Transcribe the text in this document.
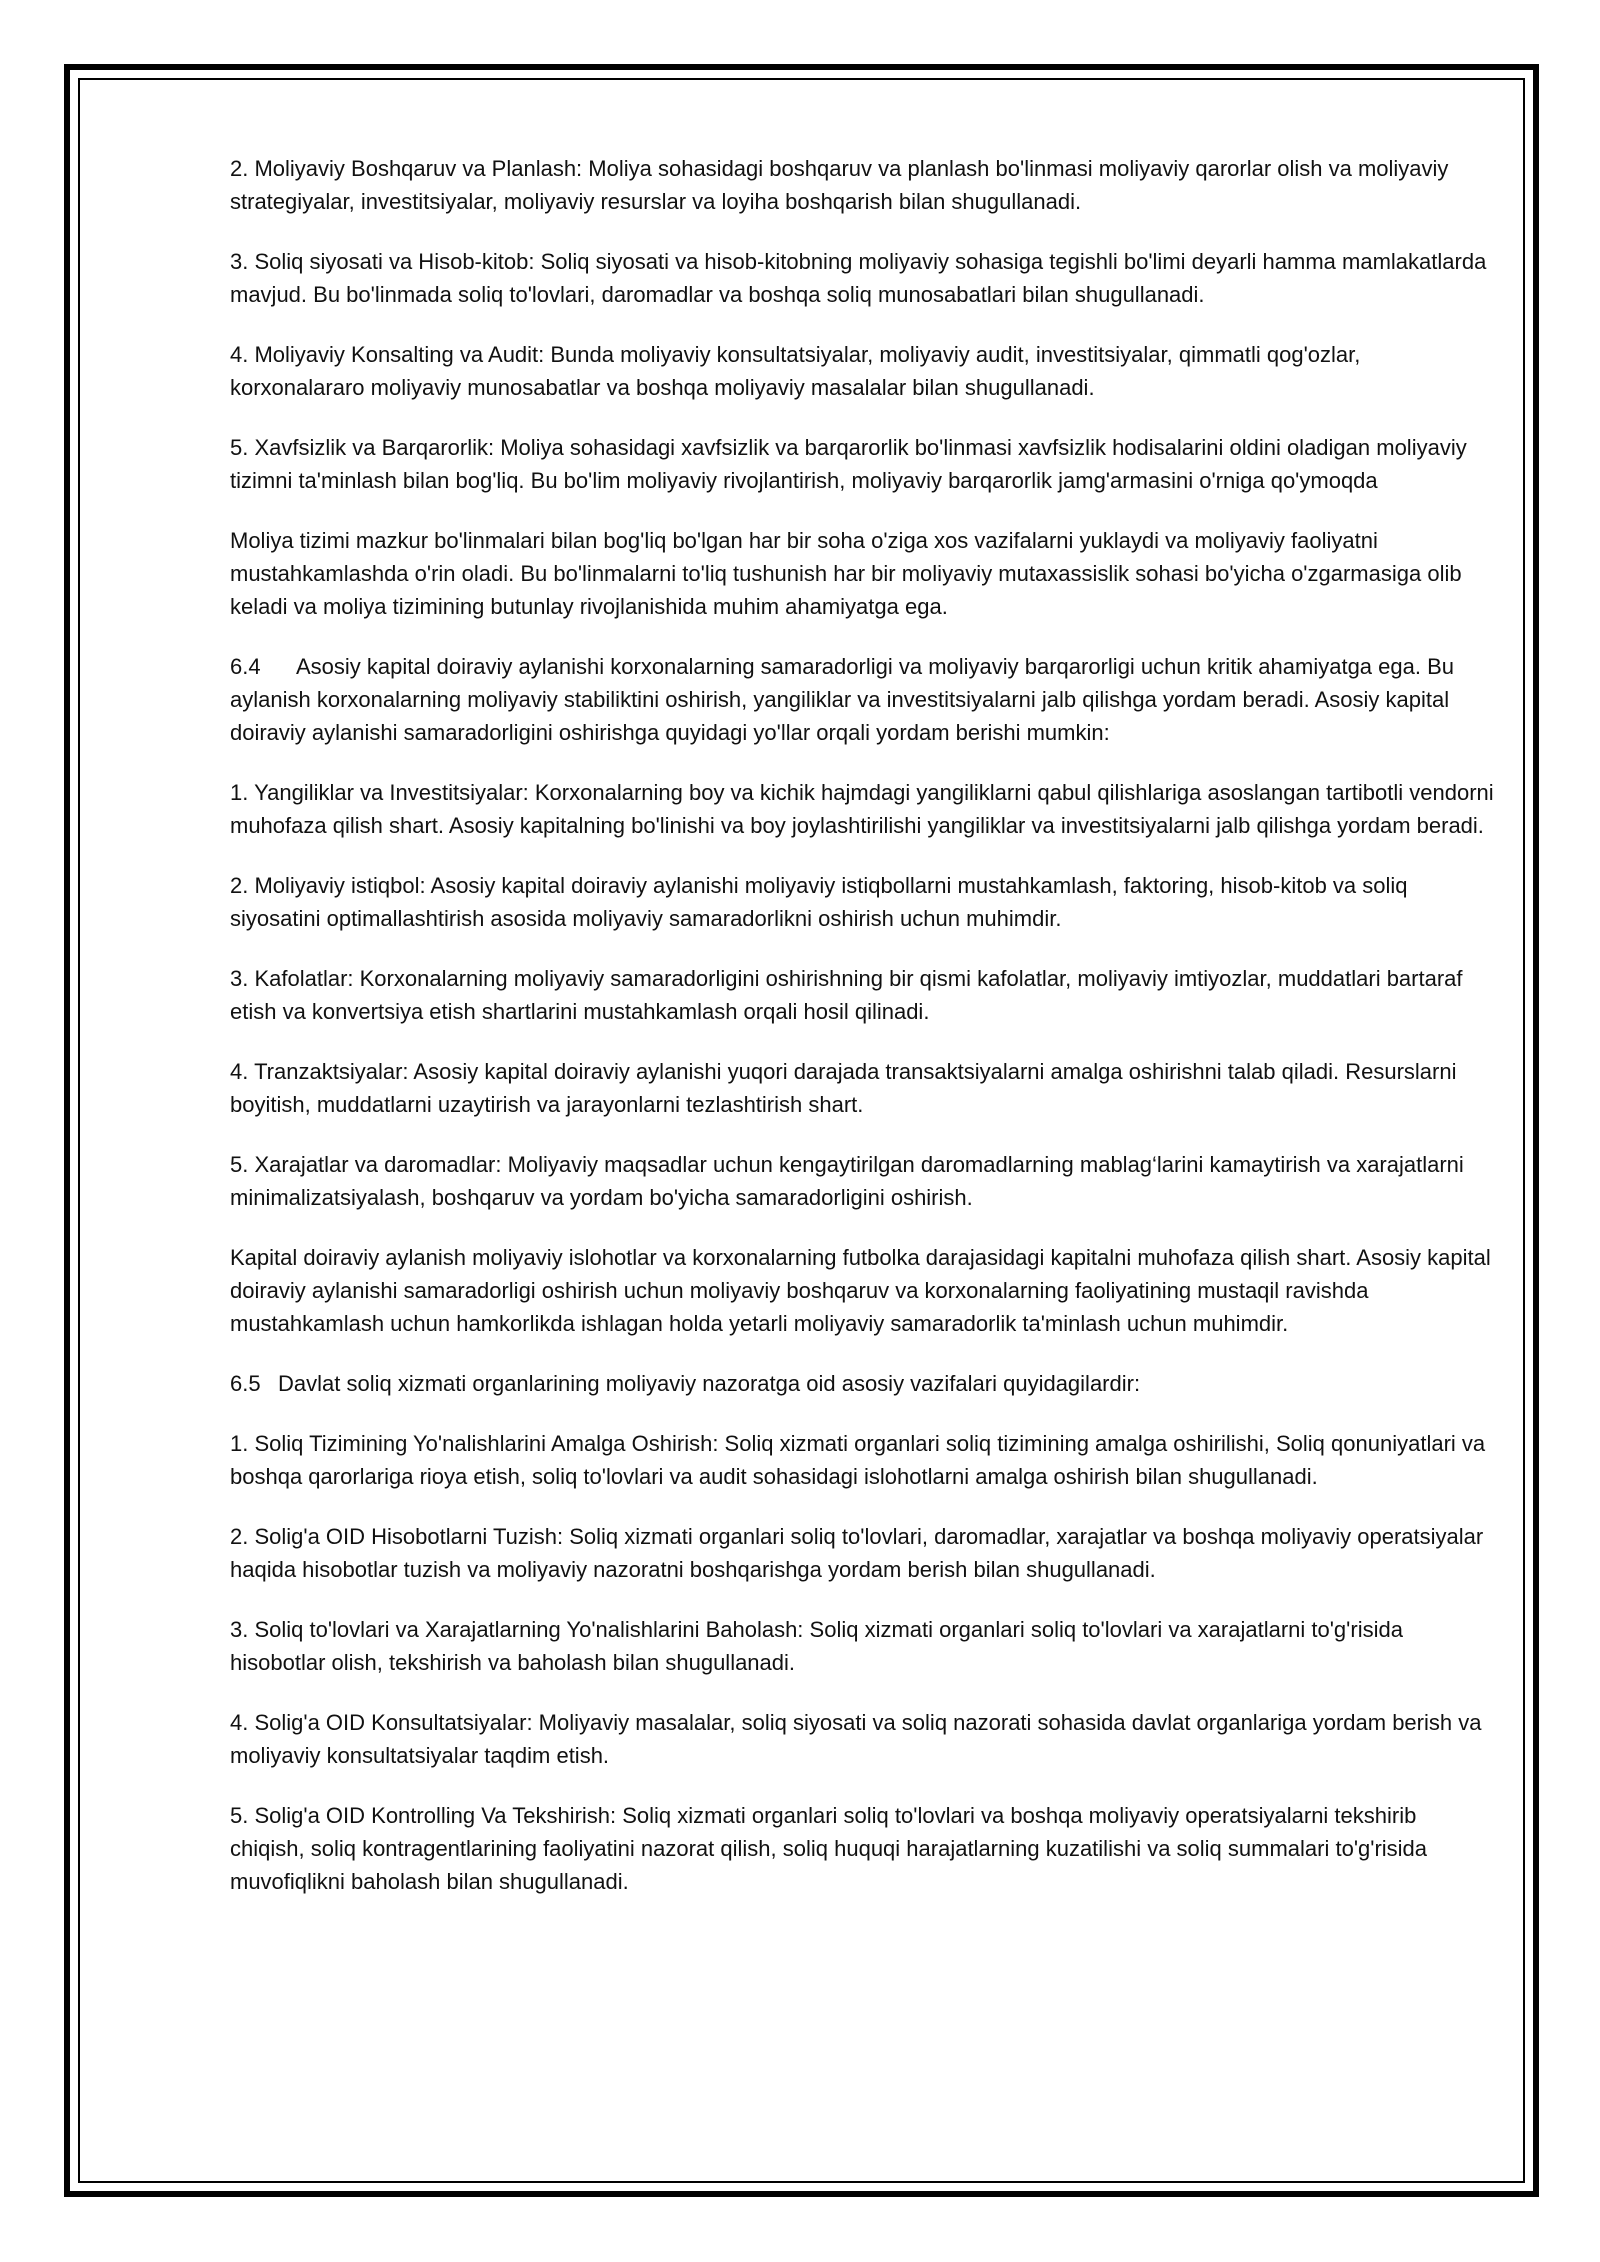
2. Moliyaviy Boshqaruv va Planlash: Moliya sohasidagi boshqaruv va planlash bo'linmasi moliyaviy qarorlar olish va moliyaviy strategiyalar, investitsiyalar, moliyaviy resurslar va loyiha boshqarish bilan shugullanadi.

3. Soliq siyosati va Hisob-kitob: Soliq siyosati va hisob-kitobning moliyaviy sohasiga tegishli bo'limi deyarli hamma mamlakatlarda mavjud. Bu bo'linmada soliq to'lovlari, daromadlar va boshqa soliq munosabatlari bilan shugullanadi.

4. Moliyaviy Konsalting va Audit: Bunda moliyaviy konsultatsiyalar, moliyaviy audit, investitsiyalar, qimmatli qog'ozlar, korxonalararo moliyaviy munosabatlar va boshqa moliyaviy masalalar bilan shugullanadi.

5. Xavfsizlik va Barqarorlik: Moliya sohasidagi xavfsizlik va barqarorlik bo'linmasi xavfsizlik hodisalarini oldini oladigan moliyaviy tizimni ta'minlash bilan bog'liq. Bu bo'lim moliyaviy rivojlantirish, moliyaviy barqarorlik jamg'armasini o'rniga qo'ymoqda

Moliya tizimi mazkur bo'linmalari bilan bog'liq bo'lgan har bir soha o'ziga xos vazifalarni yuklaydi va moliyaviy faoliyatni mustahkamlashda o'rin oladi. Bu bo'linmalarni to'liq tushunish har bir moliyaviy mutaxassislik sohasi bo'yicha o'zgarmasiga olib keladi va moliya tizimining butunlay rivojlanishida muhim ahamiyatga ega.

6.4 Asosiy kapital doiraviy aylanishi korxonalarning samaradorligi va moliyaviy barqarorligi uchun kritik ahamiyatga ega. Bu aylanish korxonalarning moliyaviy stabiliktini oshirish, yangiliklar va investitsiyalarni jalb qilishga yordam beradi. Asosiy kapital doiraviy aylanishi samaradorligini oshirishga quyidagi yo'llar orqali yordam berishi mumkin:

1. Yangiliklar va Investitsiyalar: Korxonalarning boy va kichik hajmdagi yangiliklarni qabul qilishlariga asoslangan tartibotli vendorni muhofaza qilish shart. Asosiy kapitalning bo'linishi va boy joylashtirilishi yangiliklar va investitsiyalarni jalb qilishga yordam beradi.

2. Moliyaviy istiqbol: Asosiy kapital doiraviy aylanishi moliyaviy istiqbollarni mustahkamlash, faktoring, hisob-kitob va soliq siyosatini optimallashtirish asosida moliyaviy samaradorlikni oshirish uchun muhimdir.

3. Kafolatlar: Korxonalarning moliyaviy samaradorligini oshirishning bir qismi kafolatlar, moliyaviy imtiyozlar, muddatlari bartaraf etish va konvertsiya etish shartlarini mustahkamlash orqali hosil qilinadi.

4. Tranzaktsiyalar: Asosiy kapital doiraviy aylanishi yuqori darajada transaktsiyalarni amalga oshirishni talab qiladi. Resurslarni boyitish, muddatlarni uzaytirish va jarayonlarni tezlashtirish shart.

5. Xarajatlar va daromadlar: Moliyaviy maqsadlar uchun kengaytirilgan daromadlarning mablag‘larini kamaytirish va xarajatlarni minimalizatsiyalash, boshqaruv va yordam bo'yicha samaradorligini oshirish.

Kapital doiraviy aylanish moliyaviy islohotlar va korxonalarning futbolka darajasidagi kapitalni muhofaza qilish shart. Asosiy kapital doiraviy aylanishi samaradorligi oshirish uchun moliyaviy boshqaruv va korxonalarning faoliyatining mustaqil ravishda mustahkamlash uchun hamkorlikda ishlagan holda yetarli moliyaviy samaradorlik ta'minlash uchun muhimdir.

6.5 Davlat soliq xizmati organlarining moliyaviy nazoratga oid asosiy vazifalari quyidagilardir:

1. Soliq Tizimining Yo'nalishlarini Amalga Oshirish: Soliq xizmati organlari soliq tizimining amalga oshirilishi, Soliq qonuniyatlari va boshqa qarorlariga rioya etish, soliq to'lovlari va audit sohasidagi islohotlarni amalga oshirish bilan shugullanadi.

2. Solig'a OID Hisobotlarni Tuzish: Soliq xizmati organlari soliq to'lovlari, daromadlar, xarajatlar va boshqa moliyaviy operatsiyalar haqida hisobotlar tuzish va moliyaviy nazoratni boshqarishga yordam berish bilan shugullanadi.

3. Soliq to'lovlari va Xarajatlarning Yo'nalishlarini Baholash: Soliq xizmati organlari soliq to'lovlari va xarajatlarni to'g'risida hisobotlar olish, tekshirish va baholash bilan shugullanadi.

4. Solig'a OID Konsultatsiyalar: Moliyaviy masalalar, soliq siyosati va soliq nazorati sohasida davlat organlariga yordam berish va moliyaviy konsultatsiyalar taqdim etish.

5. Solig'a OID Kontrolling Va Tekshirish: Soliq xizmati organlari soliq to'lovlari va boshqa moliyaviy operatsiyalarni tekshirib chiqish, soliq kontragentlarining faoliyatini nazorat qilish, soliq huquqi harajatlarning kuzatilishi va soliq summalari to'g'risida muvofiqlikni baholash bilan shugullanadi.
